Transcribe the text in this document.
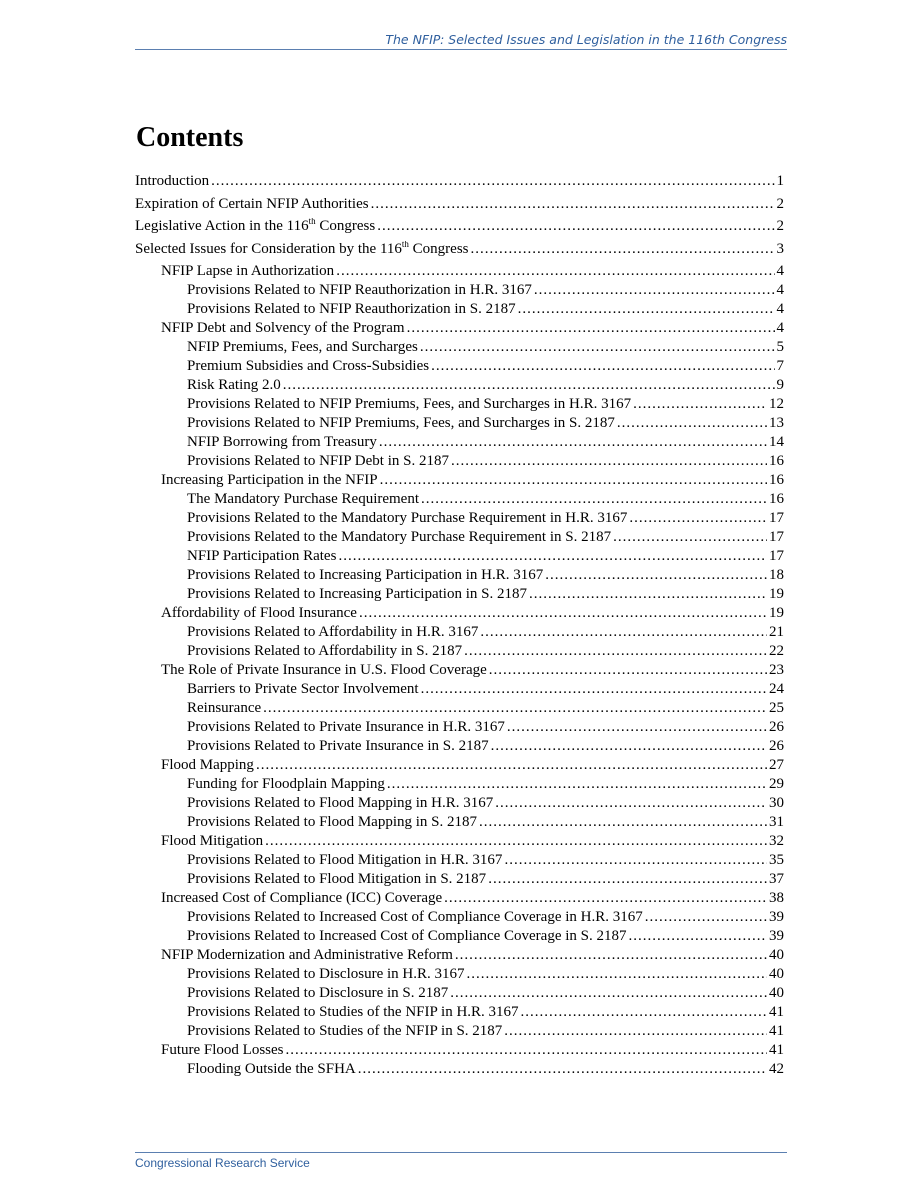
The NFIP: Selected Issues and Legislation in the 116th Congress
Contents
Introduction .....	1
Expiration of Certain NFIP Authorities .....	2
Legislative Action in the 116th Congress .....	2
Selected Issues for Consideration by the 116th Congress .....	3
NFIP Lapse in Authorization .....	4
Provisions Related to NFIP Reauthorization in H.R. 3167 .....	4
Provisions Related to NFIP Reauthorization in S. 2187 .....	4
NFIP Debt and Solvency of the Program .....	4
NFIP Premiums, Fees, and Surcharges .....	5
Premium Subsidies and Cross-Subsidies .....	7
Risk Rating 2.0 .....	9
Provisions Related to NFIP Premiums, Fees, and Surcharges in H.R. 3167 .....	12
Provisions Related to NFIP Premiums, Fees, and Surcharges in S. 2187 .....	13
NFIP Borrowing from Treasury .....	14
Provisions Related to NFIP Debt in S. 2187 .....	16
Increasing Participation in the NFIP .....	16
The Mandatory Purchase Requirement .....	16
Provisions Related to the Mandatory Purchase Requirement in H.R. 3167 .....	17
Provisions Related to the Mandatory Purchase Requirement in S. 2187 .....	17
NFIP Participation Rates .....	17
Provisions Related to Increasing Participation in H.R. 3167 .....	18
Provisions Related to Increasing Participation in S. 2187 .....	19
Affordability of Flood Insurance .....	19
Provisions Related to Affordability in H.R. 3167 .....	21
Provisions Related to Affordability in S. 2187 .....	22
The Role of Private Insurance in U.S. Flood Coverage .....	23
Barriers to Private Sector Involvement .....	24
Reinsurance .....	25
Provisions Related to Private Insurance in H.R. 3167 .....	26
Provisions Related to Private Insurance in S. 2187 .....	26
Flood Mapping .....	27
Funding for Floodplain Mapping .....	29
Provisions Related to Flood Mapping in H.R. 3167 .....	30
Provisions Related to Flood Mapping in S. 2187 .....	31
Flood Mitigation .....	32
Provisions Related to Flood Mitigation in H.R. 3167 .....	35
Provisions Related to Flood Mitigation in S. 2187 .....	37
Increased Cost of Compliance (ICC) Coverage .....	38
Provisions Related to Increased Cost of Compliance Coverage in H.R. 3167 .....	39
Provisions Related to Increased Cost of Compliance Coverage in S. 2187 .....	39
NFIP Modernization and Administrative Reform .....	40
Provisions Related to Disclosure in H.R. 3167 .....	40
Provisions Related to Disclosure in S. 2187 .....	40
Provisions Related to Studies of the NFIP in H.R. 3167 .....	41
Provisions Related to Studies of the NFIP in S. 2187 .....	41
Future Flood Losses .....	41
Flooding Outside the SFHA .....	42
Congressional Research Service
